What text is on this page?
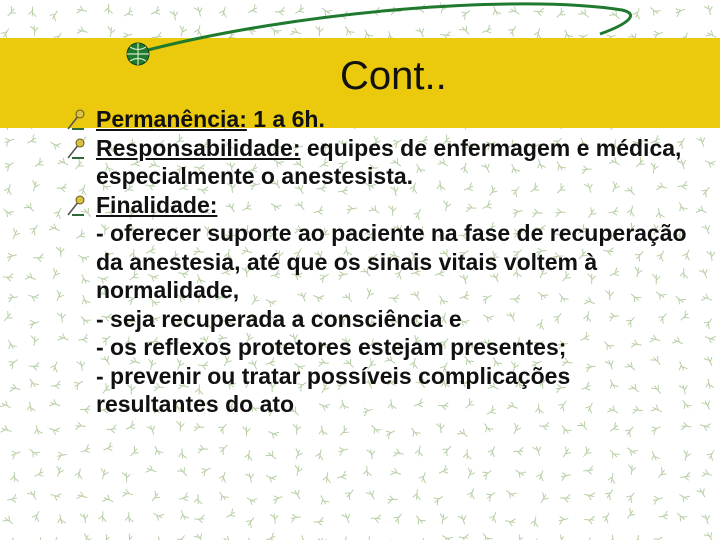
Cont..
Permanência: 1 a 6h.
Responsabilidade: equipes de enfermagem e médica, especialmente o anestesista.
Finalidade:
- oferecer suporte ao paciente na fase de recuperação da anestesia, até que os sinais vitais voltem à normalidade,
- seja recuperada a consciência e
- os reflexos protetores estejam presentes;
- prevenir ou tratar possíveis complicações resultantes do ato
